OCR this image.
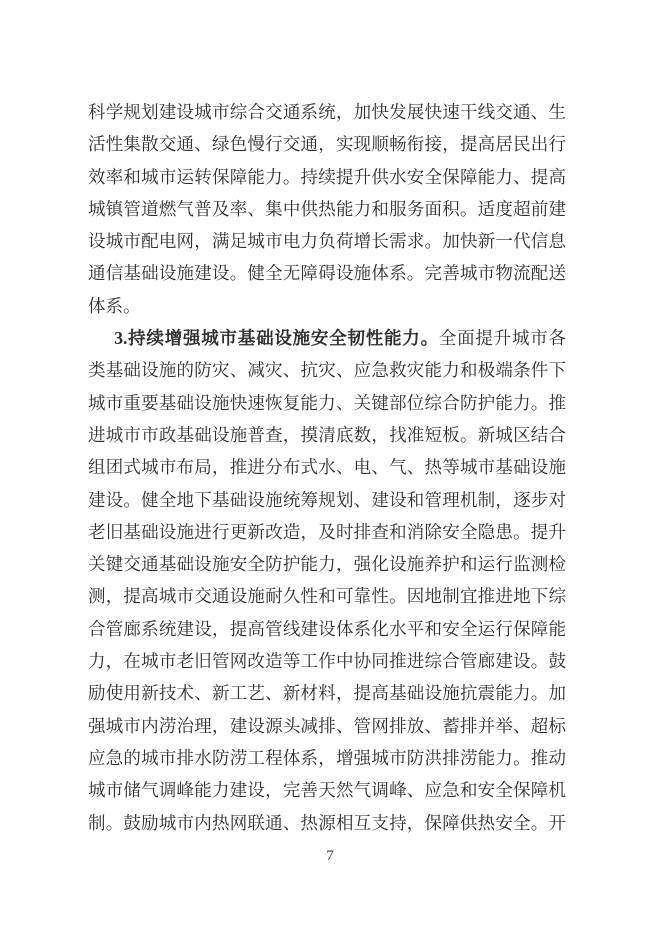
科学规划建设城市综合交通系统，加快发展快速干线交通、生
活性集散交通、绿色慢行交通，实现顺畅衔接，提高居民出行
效率和城市运转保障能力。持续提升供水安全保障能力、提高
城镇管道燃气普及率、集中供热能力和服务面积。适度超前建
设城市配电网，满足城市电力负荷增长需求。加快新一代信息
通信基础设施建设。健全无障碍设施体系。完善城市物流配送
体系。
3.持续增强城市基础设施安全韧性能力。全面提升城市各
类基础设施的防灾、减灾、抗灾、应急救灾能力和极端条件下
城市重要基础设施快速恢复能力、关键部位综合防护能力。推
进城市市政基础设施普查，摸清底数，找准短板。新城区结合
组团式城市布局，推进分布式水、电、气、热等城市基础设施
建设。健全地下基础设施统筹规划、建设和管理机制，逐步对
老旧基础设施进行更新改造，及时排查和消除安全隐患。提升
关键交通基础设施安全防护能力，强化设施养护和运行监测检
测，提高城市交通设施耐久性和可靠性。因地制宜推进地下综
合管廊系统建设，提高管线建设体系化水平和安全运行保障能
力，在城市老旧管网改造等工作中协同推进综合管廊建设。鼓
励使用新技术、新工艺、新材料，提高基础设施抗震能力。加
强城市内涝治理，建设源头减排、管网排放、蓄排并举、超标
应急的城市排水防涝工程体系，增强城市防洪排涝能力。推动
城市储气调峰能力建设，完善天然气调峰、应急和安全保障机
制。鼓励城市内热网联通、热源相互支持，保障供热安全。开
7
